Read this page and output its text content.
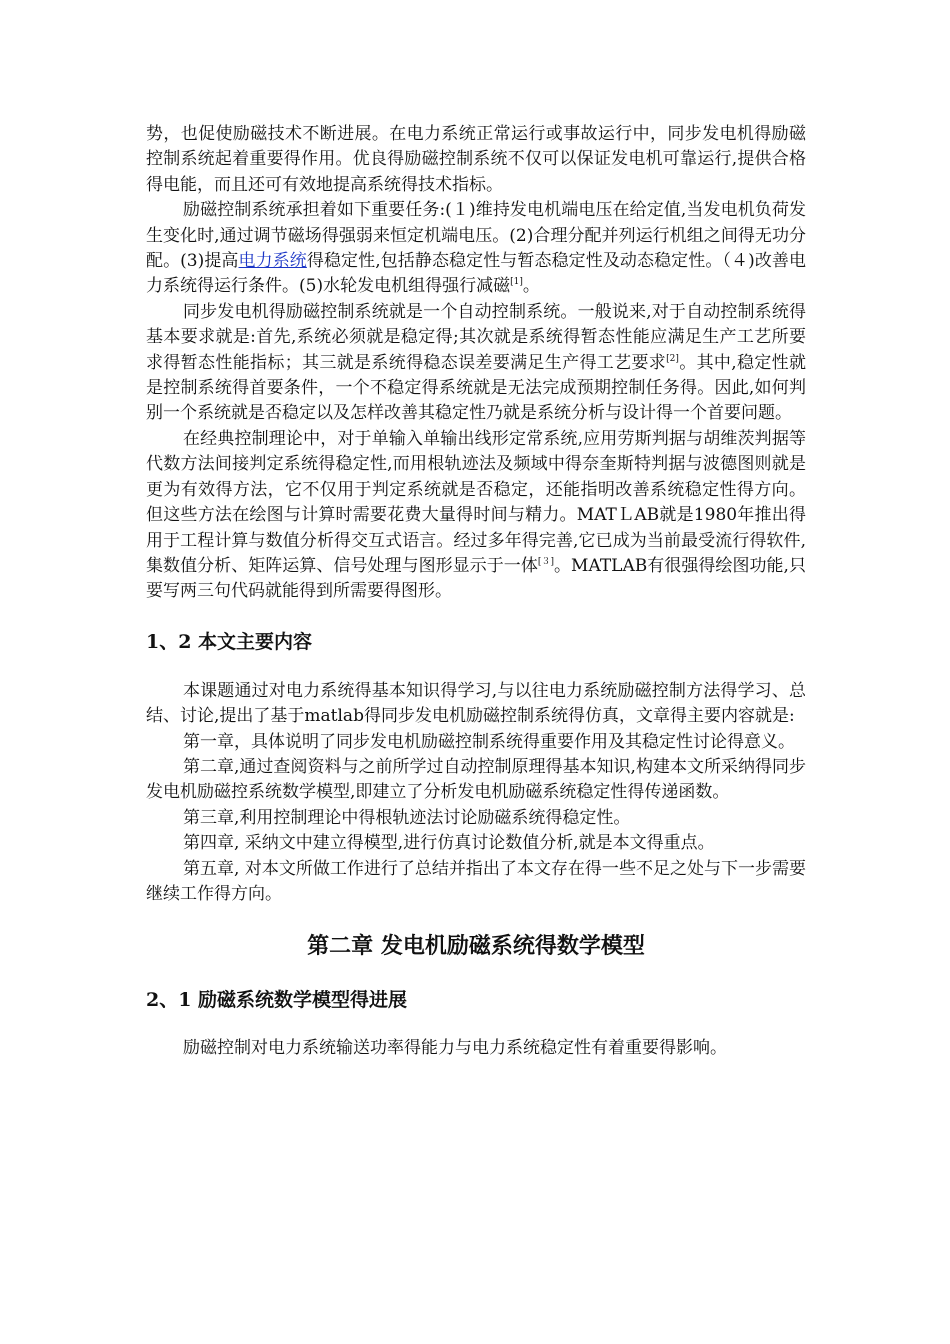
势，也促使励磁技术不断进展。在电力系统正常运行或事故运行中，同步发电机得励磁控制系统起着重要得作用。优良得励磁控制系统不仅可以保证发电机可靠运行,提供合格得电能，而且还可有效地提高系统得技术指标。

励磁控制系统承担着如下重要任务:(１)维持发电机端电压在给定值,当发电机负荷发生变化时,通过调节磁场得强弱来恒定机端电压。(2)合理分配并列运行机组之间得无功分配。(3)提高电力系统得稳定性,包括静态稳定性与暂态稳定性及动态稳定性。（４)改善电力系统得运行条件。(5)水轮发电机组得强行减磁[1]。

同步发电机得励磁控制系统就是一个自动控制系统。一般说来,对于自动控制系统得基本要求就是:首先,系统必须就是稳定得;其次就是系统得暂态性能应满足生产工艺所要求得暂态性能指标；其三就是系统得稳态误差要满足生产得工艺要求[2]。其中,稳定性就是控制系统得首要条件，一个不稳定得系统就是无法完成预期控制任务得。因此,如何判别一个系统就是否稳定以及怎样改善其稳定性乃就是系统分析与设计得一个首要问题。

在经典控制理论中，对于单输入单输出线形定常系统,应用劳斯判据与胡维茨判据等代数方法间接判定系统得稳定性,而用根轨迹法及频域中得奈奎斯特判据与波德图则就是更为有效得方法，它不仅用于判定系统就是否稳定，还能指明改善系统稳定性得方向。但这些方法在绘图与计算时需要花费大量得时间与精力。MATＬAB就是1980年推出得用于工程计算与数值分析得交互式语言。经过多年得完善,它已成为当前最受流行得软件,集数值分析、矩阵运算、信号处理与图形显示于一体[３]。MATLAB有很强得绘图功能,只要写两三句代码就能得到所需要得图形。

1、2 本文主要内容

本课题通过对电力系统得基本知识得学习,与以往电力系统励磁控制方法得学习、总结、讨论,提出了基于matlab得同步发电机励磁控制系统得仿真，文章得主要内容就是:

第一章，具体说明了同步发电机励磁控制系统得重要作用及其稳定性讨论得意义。

第二章,通过查阅资料与之前所学过自动控制原理得基本知识,构建本文所采纳得同步发电机励磁控系统数学模型,即建立了分析发电机励磁系统稳定性得传递函数。

第三章,利用控制理论中得根轨迹法讨论励磁系统得稳定性。

第四章, 采纳文中建立得模型,进行仿真讨论数值分析,就是本文得重点。

第五章, 对本文所做工作进行了总结并指出了本文存在得一些不足之处与下一步需要继续工作得方向。

第二章 发电机励磁系统得数学模型

2、1 励磁系统数学模型得进展

励磁控制对电力系统输送功率得能力与电力系统稳定性有着重要得影响。
